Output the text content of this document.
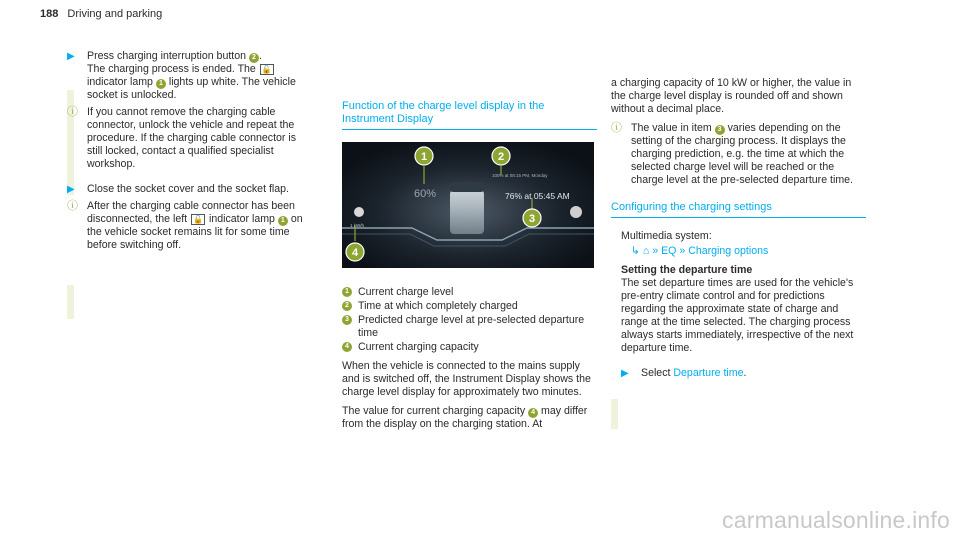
188 Driving and parking
▶ Press charging interruption button 2 .
The charging process is ended. The 🔓 indicator lamp 1 lights up white. The vehicle socket is unlocked.
ⓘ If you cannot remove the charging cable connector, unlock the vehicle and repeat the procedure. If the charging cable connector is still locked, contact a qualified specialist workshop.
▶ Close the socket cover and the socket flap.
ⓘ After the charging cable connector has been disconnected, the left 🔓 indicator lamp 1 on the vehicle socket remains lit for some time before switching off.
Function of the charge level display in the Instrument Display
60%
100% at 08:15 PM, Monday
76% at 05:45 AM
1 kW/h
1	2
3
4
1 Current charge level
2 Time at which completely charged
3 Predicted charge level at pre-selected departure time
4 Current charging capacity
When the vehicle is connected to the mains supply and is switched off, the Instrument Display shows the charge level display for approximately two minutes.
The value for current charging capacity 4 may differ from the display on the charging station. At
a charging capacity of 10 kW or higher, the value in the charge level display is rounded off and shown without a decimal place.
ⓘ The value in item 3 varies depending on the setting of the charging process. It displays the charging prediction, e.g. the time at which the selected charge level will be reached or the charge level at the pre-selected departure time.
Configuring the charging settings
Multimedia system:
↳ ⌂ » EQ » Charging options
Setting the departure time
The set departure times are used for the vehicle's pre-entry climate control and for predictions regarding the approximate state of charge and range at the time selected. The charging process always starts immediately, irrespective of the next departure time.
▶ Select Departure time.
carmanualsonline.info
